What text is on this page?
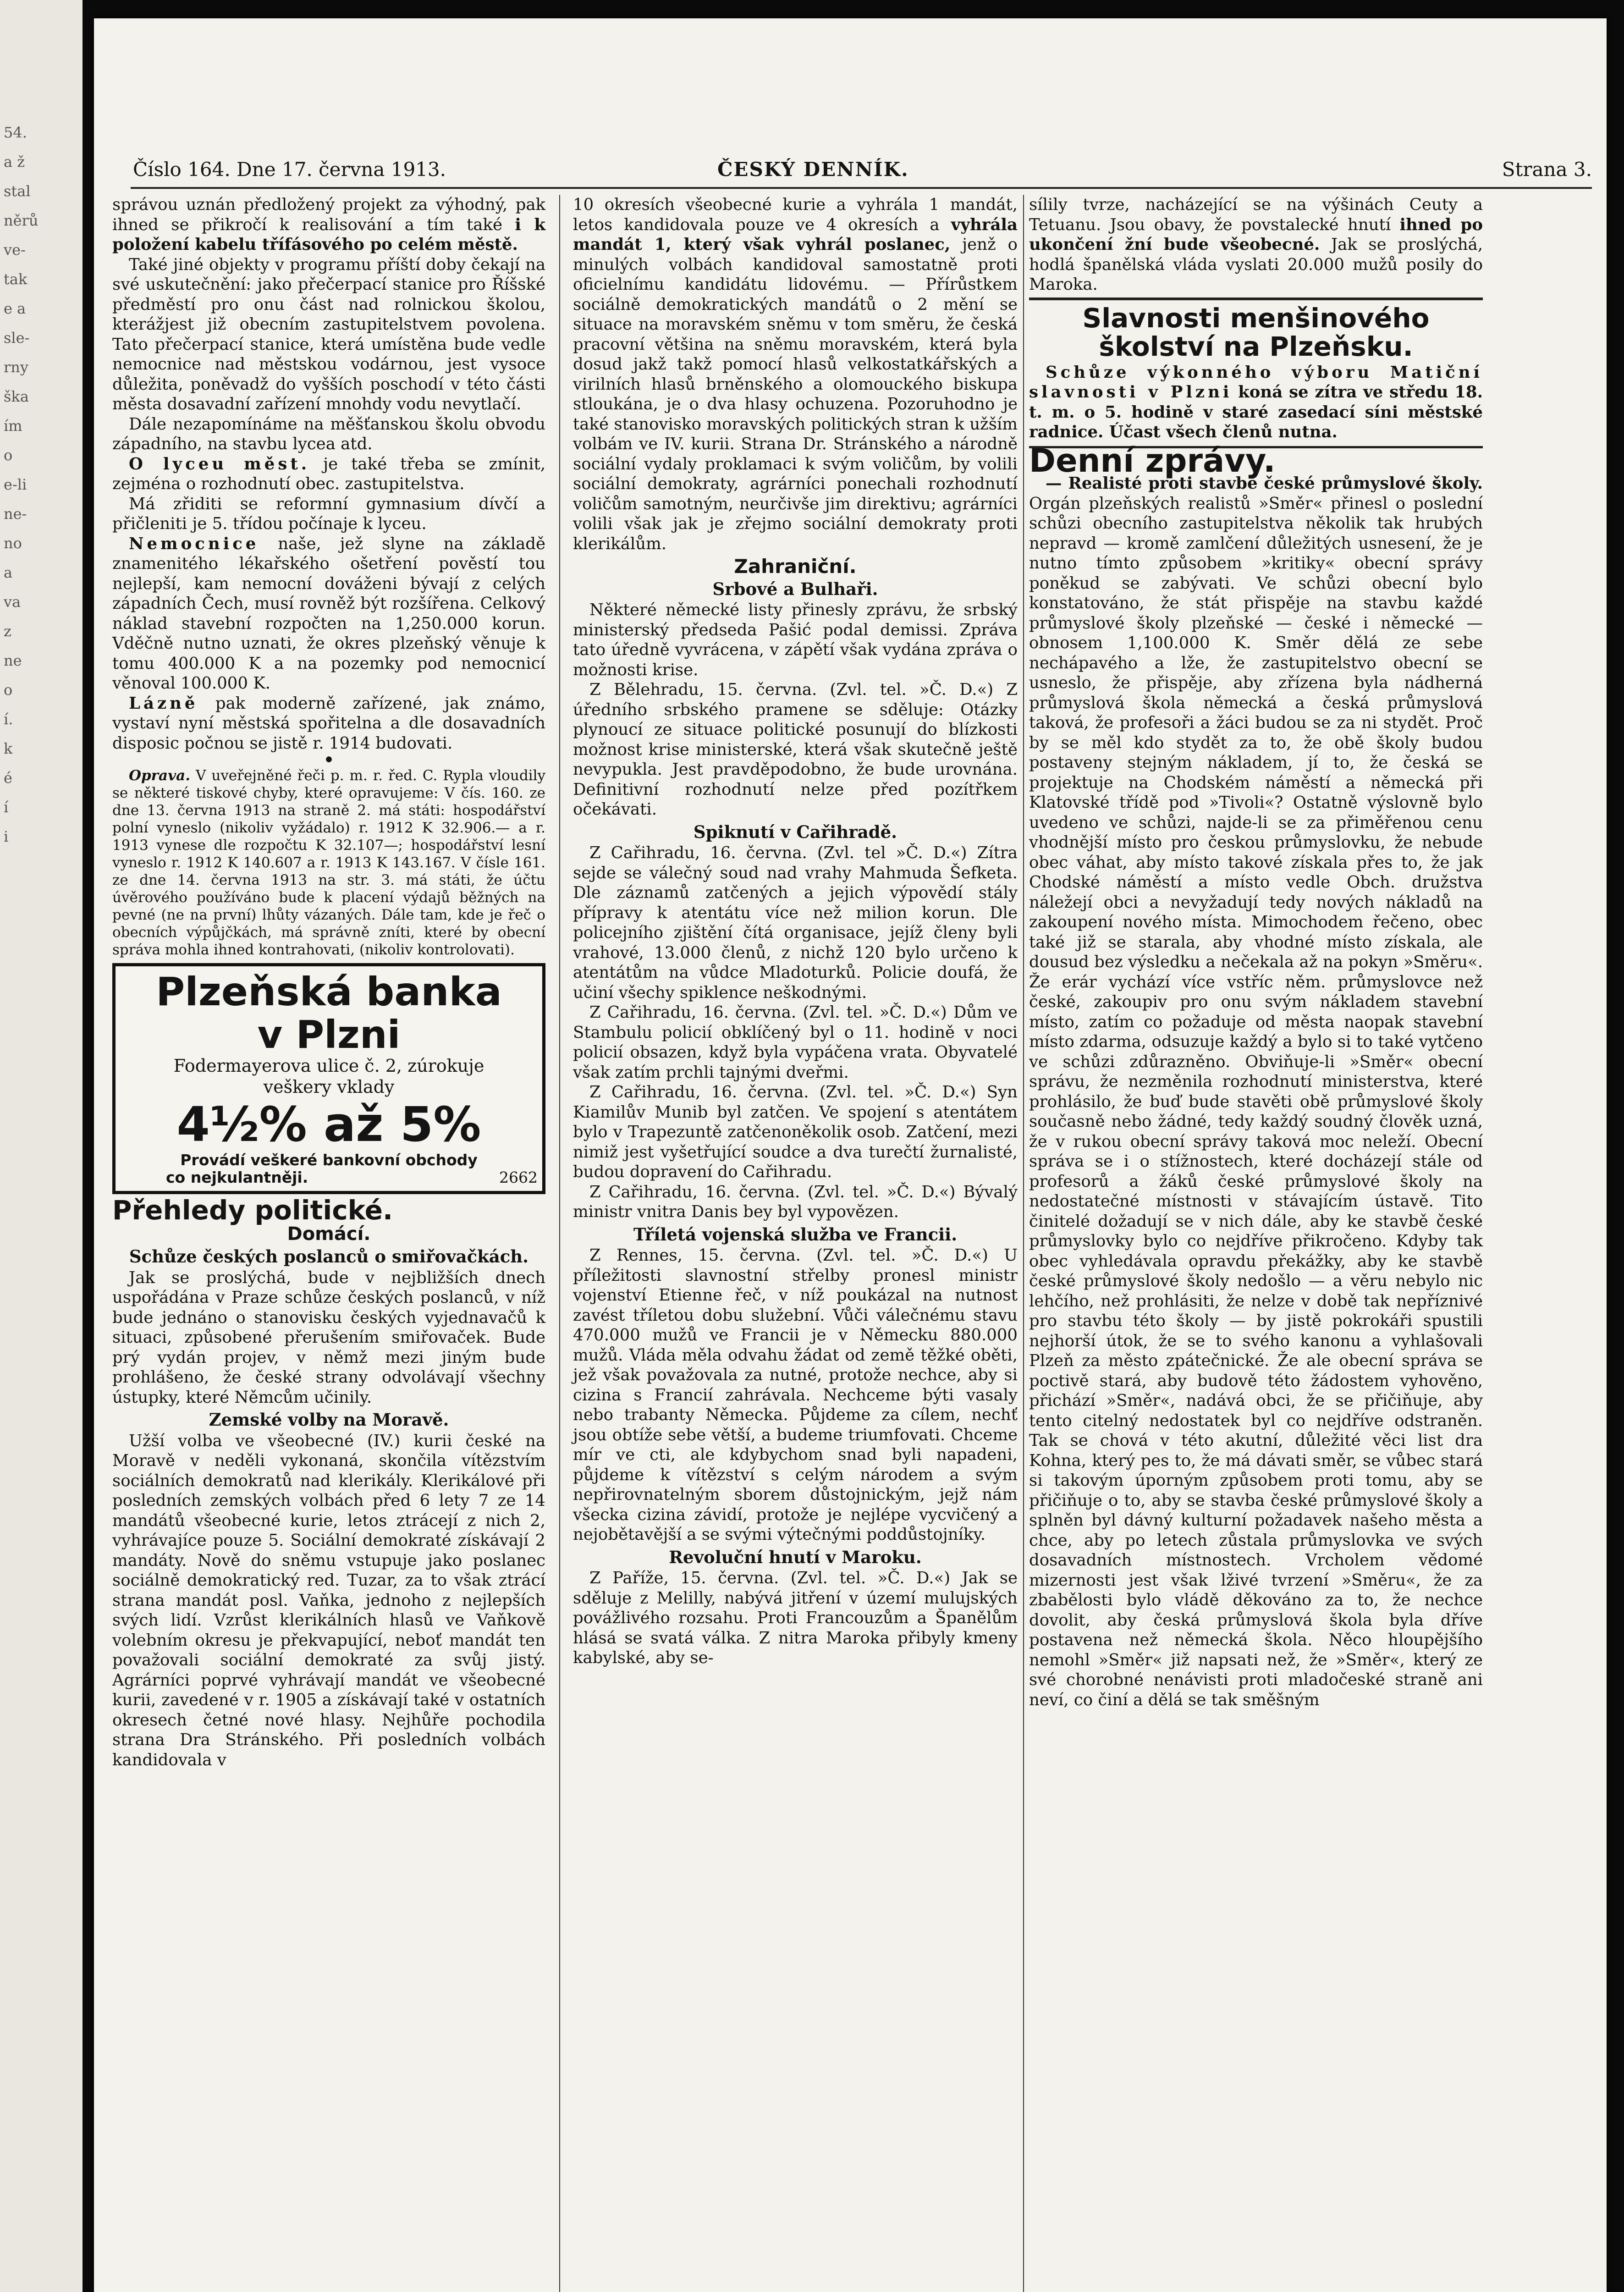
54.
a ž
stal
něrů
ve-
tak
e a
sle-
rny
ška
ím
o
e-li
ne-
no
a
va
z
ne
o
í.
k
é
í
i
Číslo 164. Dne 17. června 1913.	ČESKÝ DENNÍK.	Strana 3.

správou uznán předložený projekt za výhodný, pak ihned se přikročí k realisování a tím také i k položení kabelu třífásového po celém městě.

Také jiné objekty v programu příští doby čekají na své uskutečnění: jako přečerpací stanice pro Říšské předměstí pro onu část nad rolnickou školou, kterážjest již obecním zastupitelstvem povolena. Tato přečerpací stanice, která umístěna bude vedle nemocnice nad městskou vodárnou, jest vysoce důležita, poněvadž do vyšších poschodí v této části města dosavadní zařízení mnohdy vodu nevytlačí.

Dále nezapomínáme na měšťanskou školu obvodu západního, na stavbu lycea atd.

O lyceu měst. je také třeba se zmínit, zejména o rozhodnutí obec. zastupitelstva.

Má zřiditi se reformní gymnasium dívčí a přičleniti je 5. třídou počínaje k lyceu.

Nemocnice naše, jež slyne na základě znamenitého lékařského ošetření pověstí tou nejlepší, kam nemocní dováženi bývají z celých západních Čech, musí rovněž být rozšířena. Celkový náklad stavební rozpočten na 1,250.000 korun. Vděčně nutno uznati, že okres plzeňský věnuje k tomu 400.000 K a na pozemky pod nemocnicí věnoval 100.000 K.

Lázně pak moderně zařízené, jak známo, vystaví nyní městská spořitelna a dle dosavadních disposic počnou se jistě r. 1914 budovati.

•

Oprava. V uveřejněné řeči p. m. r. řed. C. Rypla vloudily se některé tiskové chyby, které opravujeme: V čís. 160. ze dne 13. června 1913 na straně 2. má státi: hospodářství polní vyneslo (nikoliv vyžádalo) r. 1912 K 32.906.— a r. 1913 vynese dle rozpočtu K 32.107—; hospodářství lesní vyneslo r. 1912 K 140.607 a r. 1913 K 143.167. V čísle 161. ze dne 14. června 1913 na str. 3. má státi, že účtu úvěrového používáno bude k placení výdajů běžných na pevné (ne na první) lhůty vázaných. Dále tam, kde je řeč o obecních výpůjčkách, má správně zníti, které by obecní správa mohla ihned kontrahovati, (nikoliv kontrolovati).

Plzeňská banka
v Plzni
Fodermayerova ulice č. 2, zúrokuje
veškery vklady
4½% až 5%
Provádí veškeré bankovní obchody
co nejkulantněji.	2662
Přehledy politické.
Domácí.
Schůze českých poslanců o smiřovačkách.

Jak se proslýchá, bude v nejbližších dnech uspořádána v Praze schůze českých poslanců, v níž bude jednáno o stanovisku českých vyjednavačů k situaci, způsobené přerušením smiřovaček. Bude prý vydán projev, v němž mezi jiným bude prohlášeno, že české strany odvolávají všechny ústupky, které Němcům učinily.

Zemské volby na Moravě.

Užší volba ve všeobecné (IV.) kurii české na Moravě v neděli vykonaná, skončila vítězstvím sociálních demokratů nad klerikály. Klerikálové při posledních zemských volbách před 6 lety 7 ze 14 mandátů všeobecné kurie, letos ztrácejí z nich 2, vyhrávajíce pouze 5. Sociální demokraté získávají 2 mandáty. Nově do sněmu vstupuje jako poslanec sociálně demokratický red. Tuzar, za to však ztrácí strana mandát posl. Vaňka, jednoho z nejlepších svých lidí. Vzrůst klerikálních hlasů ve Vaňkově volebním okresu je překvapující, neboť mandát ten považovali sociální demokraté za svůj jistý. Agrárníci poprvé vyhrávají mandát ve všeobecné kurii, zavedené v r. 1905 a získávají také v ostatních okresech četné nové hlasy. Nejhůře pochodila strana Dra Stránského. Při posledních volbách kandidovala v

10 okresích všeobecné kurie a vyhrála 1 mandát, letos kandidovala pouze ve 4 okresích a vyhrála mandát 1, který však vyhrál poslanec, jenž o minulých volbách kandidoval samostatně proti oficielnímu kandidátu lidovému. — Přírůstkem sociálně demokratických mandátů o 2 mění se situace na moravském sněmu v tom směru, že česká pracovní většina na sněmu moravském, která byla dosud jakž takž pomocí hlasů velkostatkářských a virilních hlasů brněnského a olomouckého biskupa stloukána, je o dva hlasy ochuzena. Pozoruhodno je také stanovisko moravských politických stran k užším volbám ve IV. kurii. Strana Dr. Stránského a národně sociální vydaly proklamaci k svým voličům, by volili sociální demokraty, agrárníci ponechali rozhodnutí voličům samotným, neurčivše jim direktivu; agrárníci volili však jak je zřejmo sociální demokraty proti klerikálům.

Zahraniční.
Srbové a Bulhaři.

Některé německé listy přinesly zprávu, že srbský ministerský předseda Pašić podal demissi. Zpráva tato úředně vyvrácena, v zápětí však vydána zpráva o možnosti krise.

Z Bělehradu, 15. června. (Zvl. tel. »Č. D.«) Z úředního srbského pramene se sděluje: Otázky plynoucí ze situace politické posunují do blízkosti možnost krise ministerské, která však skutečně ještě nevypukla. Jest pravděpodobno, že bude urovnána. Definitivní rozhodnutí nelze před pozítřkem očekávati.

Spiknutí v Cařihradě.

Z Cařihradu, 16. června. (Zvl. tel »Č. D.«) Zítra sejde se válečný soud nad vrahy Mahmuda Šefketa. Dle záznamů zatčených a jejich výpovědí stály přípravy k atentátu více než milion korun. Dle policejního zjištění čítá organisace, jejíž členy byli vrahové, 13.000 členů, z nichž 120 bylo určeno k atentátům na vůdce Mladoturků. Policie doufá, že učiní všechy spiklence neškodnými.

Z Cařihradu, 16. června. (Zvl. tel. »Č. D.«) Dům ve Stambulu policií obklíčený byl o 11. hodině v noci policií obsazen, když byla vypáčena vrata. Obyvatelé však zatím prchli tajnými dveřmi.

Z Cařihradu, 16. června. (Zvl. tel. »Č. D.«) Syn Kiamilův Munib byl zatčen. Ve spojení s atentátem bylo v Trapezuntě zatčenoněkolik osob. Zatčení, mezi nimiž jest vyšetřující soudce a dva turečtí žurnalisté, budou dopravení do Cařihradu.

Z Cařihradu, 16. června. (Zvl. tel. »Č. D.«) Bývalý ministr vnitra Danis bey byl vypovězen.

Tříletá vojenská služba ve Francii.

Z Rennes, 15. června. (Zvl. tel. »Č. D.«) U příležitosti slavnostní střelby pronesl ministr vojenství Etienne řeč, v níž poukázal na nutnost zavést tříletou dobu služební. Vůči válečnému stavu 470.000 mužů ve Francii je v Německu 880.000 mužů. Vláda měla odvahu žádat od země těžké oběti, jež však považovala za nutné, protože nechce, aby si cizina s Francií zahrávala. Nechceme býti vasaly nebo trabanty Německa. Půjdeme za cílem, nechť jsou obtíže sebe větší, a budeme triumfovati. Chceme mír ve cti, ale kdybychom snad byli napadeni, půjdeme k vítězství s celým národem a svým nepřirovnatelným sborem důstojnickým, jejž nám všecka cizina závidí, protože je nejlépe vycvičený a nejobětavější a se svými výtečnými poddůstojníky.

Revoluční hnutí v Maroku.

Z Paříže, 15. června. (Zvl. tel. »Č. D.«) Jak se sděluje z Melilly, nabývá jitření v území mulujských povážlivého rozsahu. Proti Francouzům a Španělům hlásá se svatá válka. Z nitra Maroka přibyly kmeny kabylské, aby se-

sílily tvrze, nacházející se na výšinách Ceuty a Tetuanu. Jsou obavy, že povstalecké hnutí ihned po ukončení žní bude všeobecné. Jak se proslýchá, hodlá španělská vláda vyslati 20.000 mužů posily do Maroka.

Slavnosti menšinového školství na Plzeňsku.

Schůze výkonného výboru Matiční slavnosti v Plzni koná se zítra ve středu 18. t. m. o 5. hodině v staré zasedací síni městské radnice. Účast všech členů nutna.

Denní zprávy.

— Realisté proti stavbě české průmyslové školy. Orgán plzeňských realistů »Směr« přinesl o poslední schůzi obecního zastupitelstva několik tak hrubých nepravd — kromě zamlčení důležitých usnesení, že je nutno tímto způsobem »kritiky« obecní správy poněkud se zabývati. Ve schůzi obecní bylo konstatováno, že stát přispěje na stavbu každé průmyslové školy plzeňské — české i německé — obnosem 1,100.000 K. Směr dělá ze sebe nechápavého a lže, že zastupitelstvo obecní se usneslo, že přispěje, aby zřízena byla nádherná průmyslová škola německá a česká průmyslová taková, že profesoři a žáci budou se za ni stydět. Proč by se měl kdo stydět za to, že obě školy budou postaveny stejným nákladem, jí to, že česká se projektuje na Chodském náměstí a německá při Klatovské třídě pod »Tivoli«? Ostatně výslovně bylo uvedeno ve schůzi, najde-li se za přiměřenou cenu vhodnější místo pro českou průmyslovku, že nebude obec váhat, aby místo takové získala přes to, že jak Chodské náměstí a místo vedle Obch. družstva náležejí obci a nevyžadují tedy nových nákladů na zakoupení nového místa. Mimochodem řečeno, obec také již se starala, aby vhodné místo získala, ale dousud bez výsledku a nečekala až na pokyn »Směru«. Že erár vychází více vstříc něm. průmyslovce než české, zakoupiv pro onu svým nákladem stavební místo, zatím co požaduje od města naopak stavební místo zdarma, odsuzuje každý a bylo si to také vytčeno ve schůzi zdůrazněno. Obviňuje-li »Směr« obecní správu, že nezměnila rozhodnutí ministerstva, které prohlásilo, že buď bude stavěti obě průmyslové školy současně nebo žádné, tedy každý soudný člověk uzná, že v rukou obecní správy taková moc neleží. Obecní správa se i o stížnostech, které docházejí stále od profesorů a žáků české průmyslové školy na nedostatečné místnosti v stávajícím ústavě. Tito činitelé dožadují se v nich dále, aby ke stavbě české průmyslovky bylo co nejdříve přikročeno. Kdyby tak obec vyhledávala opravdu překážky, aby ke stavbě české průmyslové školy nedošlo — a věru nebylo nic lehčího, než prohlásiti, že nelze v době tak nepříznivé pro stavbu této školy — by jistě pokrokáři spustili nejhorší útok, že se to svého kanonu a vyhlašovali Plzeň za město zpátečnické. Že ale obecní správa se poctivě stará, aby budově této žádostem vyhověno, přichází »Směr«, nadává obci, že se přičiňuje, aby tento citelný nedostatek byl co nejdříve odstraněn. Tak se chová v této akutní, důležité věci list dra Kohna, který pes to, že má dávati směr, se vůbec stará si takovým úporným způsobem proti tomu, aby se přičiňuje o to, aby se stavba české průmyslové školy a splněn byl dávný kulturní požadavek našeho města a chce, aby po letech zůstala průmyslovka ve svých dosavadních místnostech. Vrcholem vědomé mizernosti jest však lživé tvrzení »Směru«, že za zbabělosti bylo vládě děkováno za to, že nechce dovolit, aby česká průmyslová škola byla dříve postavena než německá škola. Něco hloupějšího nemohl »Směr« již napsati než, že »Směr«, který ze své chorobné nenávisti proti mladočeské straně ani neví, co činí a dělá se tak směšným
